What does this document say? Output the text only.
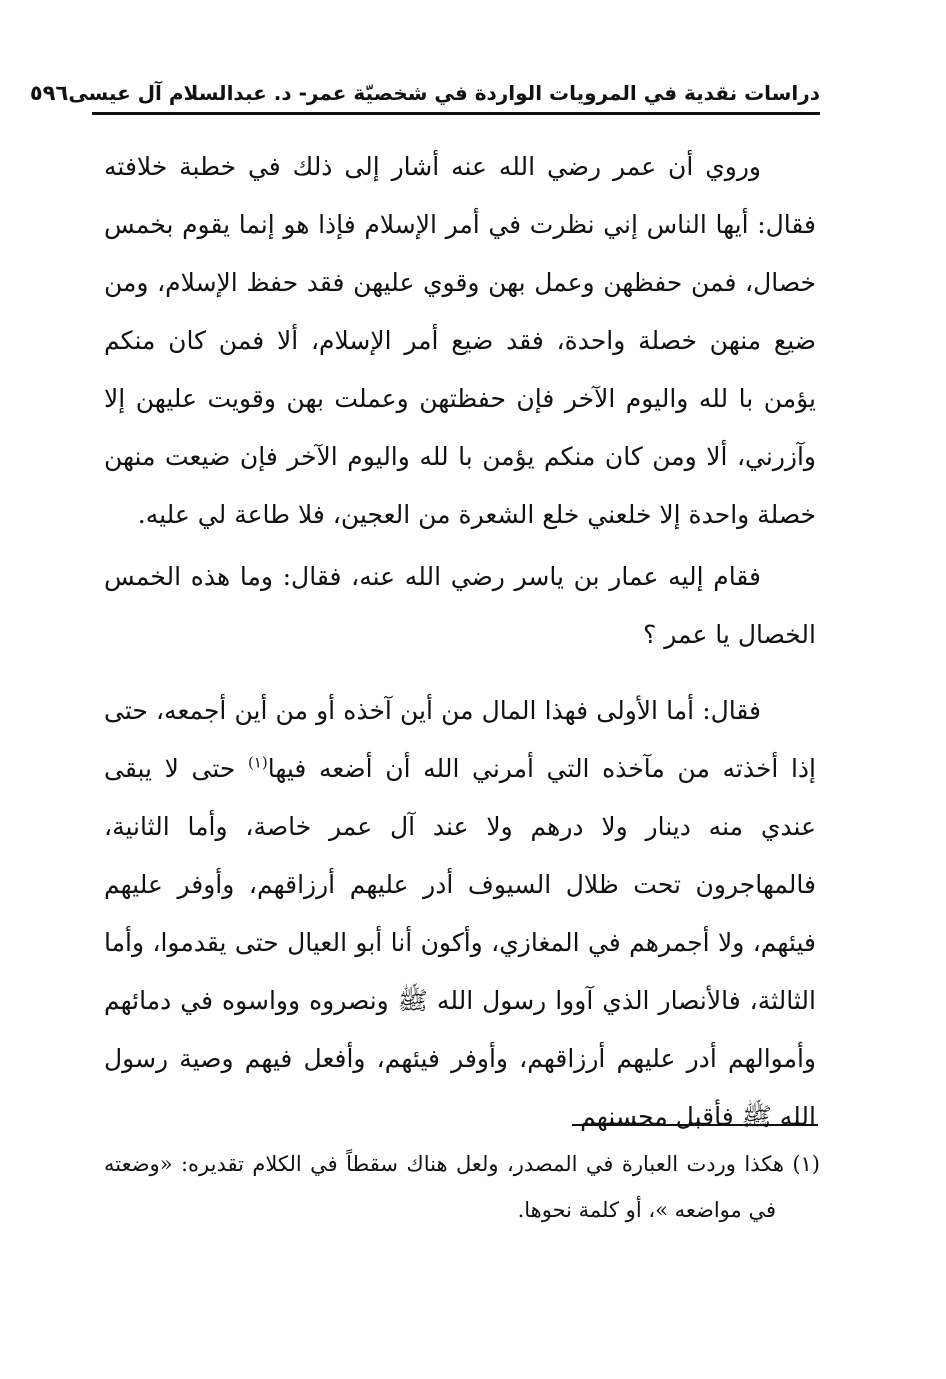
دراسات نقدية في المرويات الواردة في شخصيّة عمر- د. عبدالسلام آل عيسى
٥٩٦

وروي أن عمر رضي الله عنه أشار إلى ذلك في خطبة خلافته فقال: أيها الناس إني نظرت في أمر الإسلام فإذا هو إنما يقوم بخمس خصال، فمن حفظهن وعمل بهن وقوي عليهن فقد حفظ الإسلام، ومن ضيع منهن خصلة واحدة، فقد ضيع أمر الإسلام، ألا فمن كان منكم يؤمن با لله واليوم الآخر فإن حفظتهن وعملت بهن وقويت عليهن إلا وآزرني، ألا ومن كان منكم يؤمن با لله واليوم الآخر فإن ضيعت منهن خصلة واحدة إلا خلعني خلع الشعرة من العجين، فلا طاعة لي عليه.

فقام إليه عمار بن ياسر رضي الله عنه، فقال: وما هذه الخمس الخصال يا عمر ؟

فقال: أما الأولى فهذا المال من أين آخذه أو من أين أجمعه، حتى إذا أخذته من مآخذه التي أمرني الله أن أضعه فيها$^{(١)}$ حتى لا يبقى عندي منه دينار ولا درهم ولا عند آل عمر خاصة، وأما الثانية، فالمهاجرون تحت ظلال السيوف أدر عليهم أرزاقهم، وأوفر عليهم فيئهم، ولا أجمرهم في المغازي، وأكون أنا أبو العيال حتى يقدموا، وأما الثالثة، فالأنصار الذي آووا رسول الله ﷺ ونصروه وواسوه في دمائهم وأموالهم أدر عليهم أرزاقهم، وأوفر فيئهم، وأفعل فيهم وصية رسول الله ﷺ فأقبل محسنهم

(١) هكذا وردت العبارة في المصدر، ولعل هناك سقطاً في الكلام تقديره: «وضعته في مواضعه »، أو كلمة نحوها.
